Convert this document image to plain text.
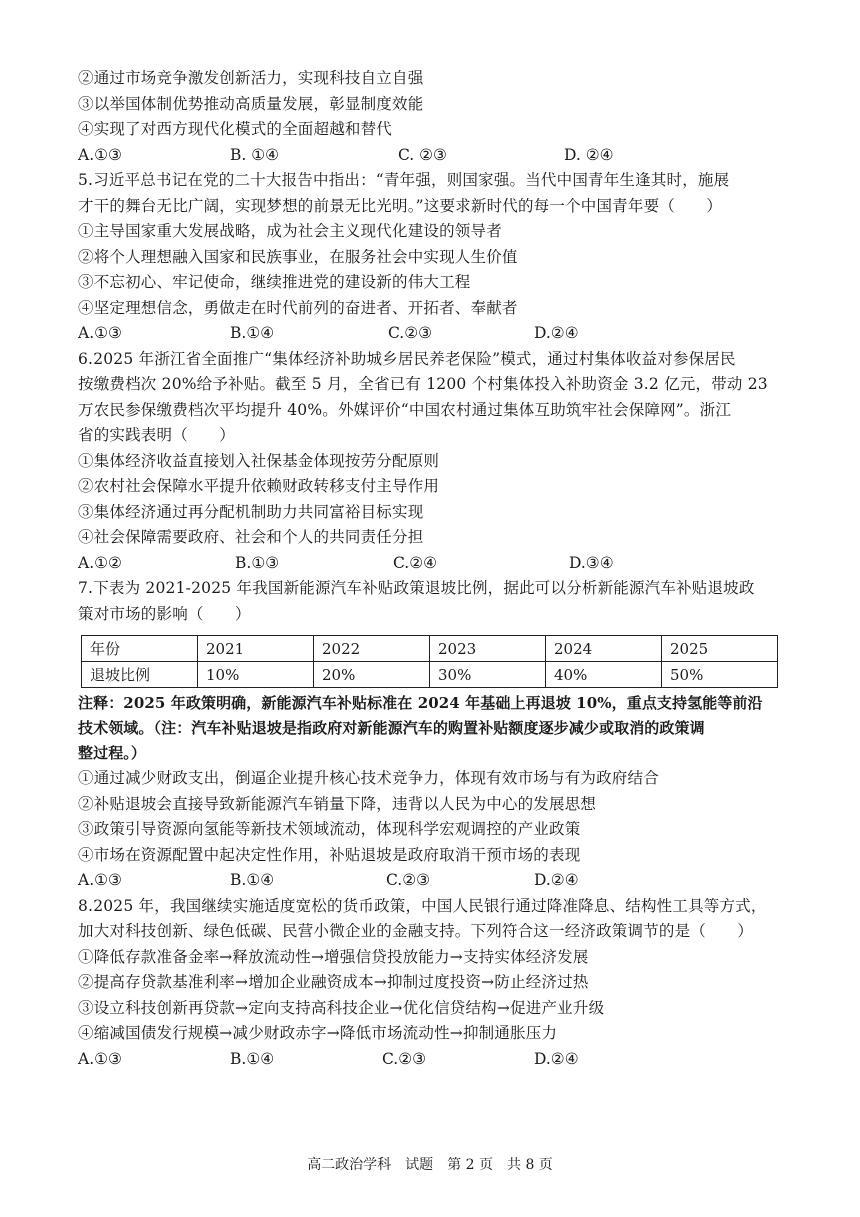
②通过市场竞争激发创新活力，实现科技自立自强
③以举国体制优势推动高质量发展，彰显制度效能
④实现了对西方现代化模式的全面超越和替代
A.①③	B. ①④	C. ②③	D. ②④
5.习近平总书记在党的二十大报告中指出：“青年强，则国家强。当代中国青年生逢其时，施展
才干的舞台无比广阔，实现梦想的前景无比光明。”这要求新时代的每一个中国青年要（　　）
①主导国家重大发展战略，成为社会主义现代化建设的领导者
②将个人理想融入国家和民族事业，在服务社会中实现人生价值
③不忘初心、牢记使命，继续推进党的建设新的伟大工程
④坚定理想信念，勇做走在时代前列的奋进者、开拓者、奉献者
A.①③	B.①④	C.②③	D.②④
6.2025 年浙江省全面推广“集体经济补助城乡居民养老保险”模式，通过村集体收益对参保居民
按缴费档次 20%给予补贴。截至 5 月，全省已有 1200 个村集体投入补助资金 3.2 亿元，带动 23
万农民参保缴费档次平均提升 40%。外媒评价“中国农村通过集体互助筑牢社会保障网”。浙江
省的实践表明（　　）
①集体经济收益直接划入社保基金体现按劳分配原则
②农村社会保障水平提升依赖财政转移支付主导作用
③集体经济通过再分配机制助力共同富裕目标实现
④社会保障需要政府、社会和个人的共同责任分担
A.①②	B.①③	C.②④	D.③④
7.下表为 2021-2025 年我国新能源汽车补贴政策退坡比例，据此可以分析新能源汽车补贴退坡政
策对市场的影响（　　）
年份	2021	2022	2023	2024	2025
退坡比例	10%	20%	30%	40%	50%
注释：2025 年政策明确，新能源汽车补贴标准在 2024 年基础上再退坡 10%，重点支持氢能等前沿
技术领域。（注：汽车补贴退坡是指政府对新能源汽车的购置补贴额度逐步减少或取消的政策调
整过程。）
①通过减少财政支出，倒逼企业提升核心技术竞争力，体现有效市场与有为政府结合
②补贴退坡会直接导致新能源汽车销量下降，违背以人民为中心的发展思想
③政策引导资源向氢能等新技术领域流动，体现科学宏观调控的产业政策
④市场在资源配置中起决定性作用，补贴退坡是政府取消干预市场的表现
A.①③	B.①④	C.②③	D.②④
8.2025 年，我国继续实施适度宽松的货币政策，中国人民银行通过降准降息、结构性工具等方式，
加大对科技创新、绿色低碳、民营小微企业的金融支持。下列符合这一经济政策调节的是（　　）
①降低存款准备金率→释放流动性→增强信贷投放能力→支持实体经济发展
②提高存贷款基准利率→增加企业融资成本→抑制过度投资→防止经济过热
③设立科技创新再贷款→定向支持高科技企业→优化信贷结构→促进产业升级
④缩减国债发行规模→减少财政赤字→降低市场流动性→抑制通胀压力
A.①③	B.①④	C.②③	D.②④
高二政治学科　试题　第 2 页　共 8 页
